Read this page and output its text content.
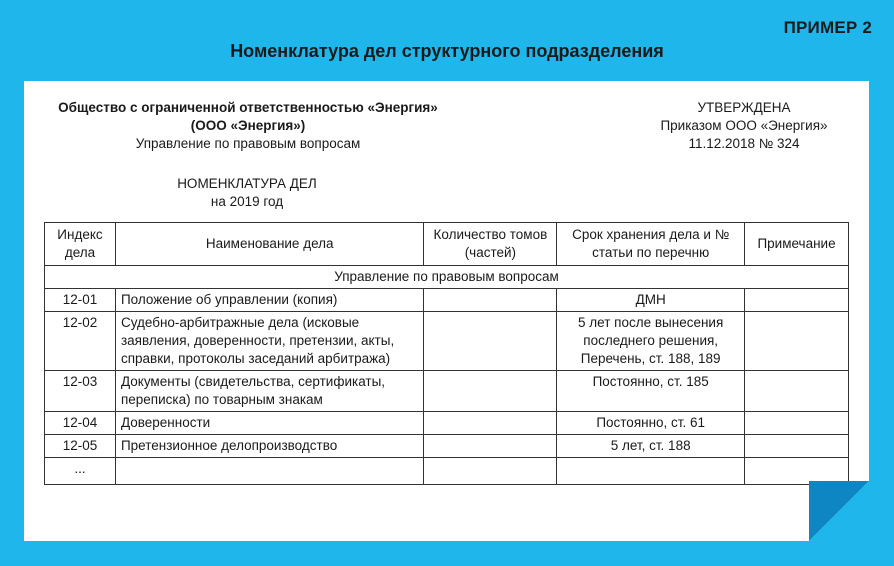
ПРИМЕР 2
Номенклатура дел структурного подразделения
Общество с ограниченной ответственностью «Энергия»
(ООО «Энергия»)
Управление по правовым вопросам
УТВЕРЖДЕНА
Приказом ООО «Энергия»
11.12.2018 № 324
НОМЕНКЛАТУРА ДЕЛ
на 2019 год
Индекс дела	Наименование дела	Количество томов (частей)	Срок хранения дела и № статьи по перечню	Примечание
Управление по правовым вопросам				
12-01	Положение об управлении (копия)		ДМН	
12-02	Судебно-арбитражные дела (исковые заявления, доверенности, претензии, акты, справки, протоколы заседаний арбитража)		5 лет после вынесения последнего решения, Перечень, ст. 188, 189	
12-03	Документы (свидетельства, сертификаты, переписка) по товарным знакам		Постоянно, ст. 185	
12-04	Доверенности		Постоянно, ст. 61	
12-05	Претензионное делопроизводство		5 лет, ст. 188	
...				
